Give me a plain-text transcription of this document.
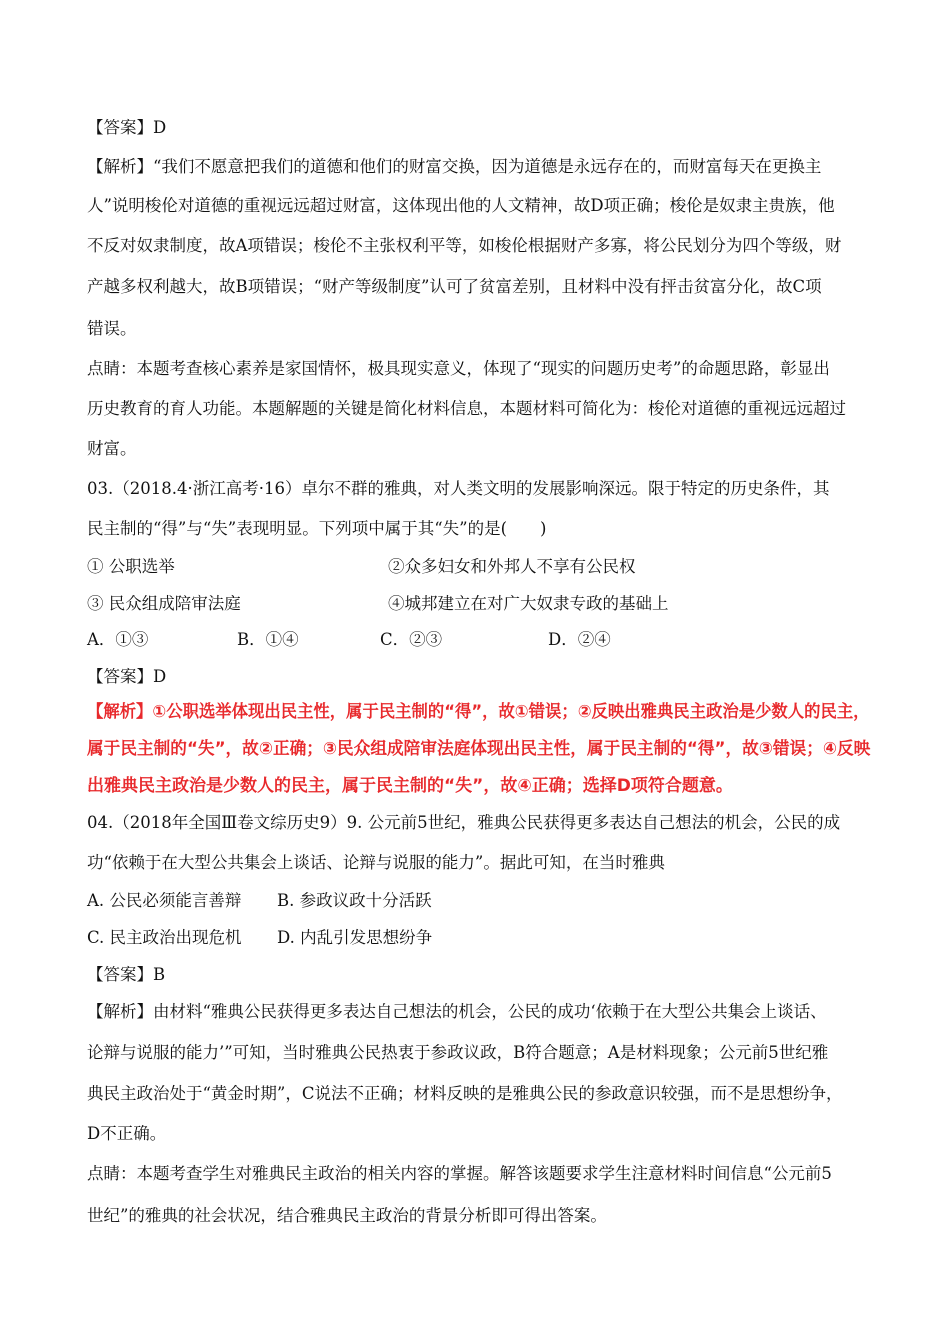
【答案】D
【解析】“我们不愿意把我们的道德和他们的财富交换，因为道德是永远存在的，而财富每天在更换主
人”说明梭伦对道德的重视远远超过财富，这体现出他的人文精神，故D项正确；梭伦是奴隶主贵族，他
不反对奴隶制度，故A项错误；梭伦不主张权利平等，如梭伦根据财产多寡，将公民划分为四个等级，财
产越多权利越大，故B项错误；“财产等级制度”认可了贫富差别，且材料中没有抨击贫富分化，故C项
错误。
点睛：本题考查核心素养是家国情怀，极具现实意义，体现了“现实的问题历史考”的命题思路，彰显出
历史教育的育人功能。本题解题的关键是简化材料信息，本题材料可简化为：梭伦对道德的重视远远超过
财富。
03.（2018.4·浙江高考·16）卓尔不群的雅典，对人类文明的发展影响深远。限于特定的历史条件，其
民主制的“得”与“失”表现明显。下列项中属于其“失”的是(　　)
① 公职选举	②众多妇女和外邦人不享有公民权
③ 民众组成陪审法庭	④城邦建立在对广大奴隶专政的基础上
A．①③	B．①④	C．②③	D．②④
【答案】D
【解析】①公职选举体现出民主性，属于民主制的“得”，故①错误；②反映出雅典民主政治是少数人的民主，
属于民主制的“失”，故②正确；③民众组成陪审法庭体现出民主性，属于民主制的“得”，故③错误；④反映
出雅典民主政治是少数人的民主，属于民主制的“失”，故④正确；选择D项符合题意。
04.（2018年全国Ⅲ卷文综历史9）9. 公元前5世纪，雅典公民获得更多表达自己想法的机会，公民的成
功“依赖于在大型公共集会上谈话、论辩与说服的能力”。据此可知，在当时雅典
A. 公民必须能言善辩 B. 参政议政十分活跃
C. 民主政治出现危机 D. 内乱引发思想纷争
【答案】B
【解析】由材料“雅典公民获得更多表达自己想法的机会，公民的成功‘依赖于在大型公共集会上谈话、
论辩与说服的能力’”可知，当时雅典公民热衷于参政议政，B符合题意；A是材料现象；公元前5世纪雅
典民主政治处于“黄金时期”，C说法不正确；材料反映的是雅典公民的参政意识较强，而不是思想纷争，
D不正确。
点睛：本题考查学生对雅典民主政治的相关内容的掌握。解答该题要求学生注意材料时间信息“公元前5
世纪”的雅典的社会状况，结合雅典民主政治的背景分析即可得出答案。
